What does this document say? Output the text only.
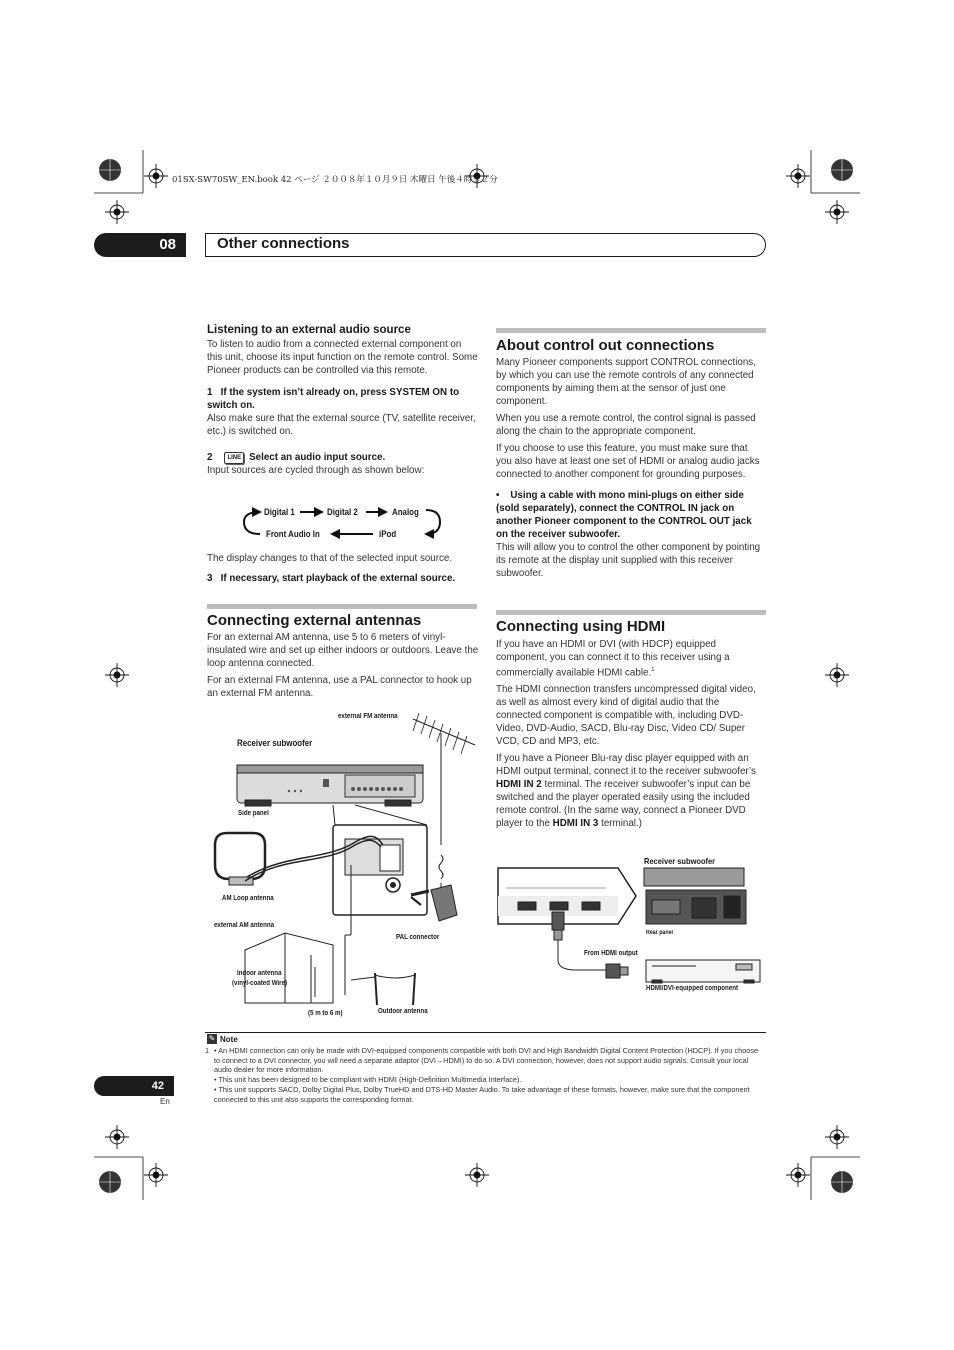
01SX-SW70SW_EN.book 42 ページ ２００８年１０月９日 木曜日 午後４時３２分
08	Other connections
Listening to an external audio source
To listen to audio from a connected external component on this unit, choose its input function on the remote control. Some Pioneer products can be controlled via this remote.
1 If the system isn’t already on, press SYSTEM ON to switch on.
Also make sure that the external source (TV, satellite receiver, etc.) is switched on.
2	LINE Select an audio input source.
Input sources are cycled through as shown below:
Digital 1	Digital 2	Analog
iPod
Front Audio In
The display changes to that of the selected input source.
3 If necessary, start playback of the external source.
Connecting external antennas
For an external AM antenna, use 5 to 6 meters of vinyl-insulated wire and set up either indoors or outdoors. Leave the loop antenna connected.
For an external FM antenna, use a PAL connector to hook up an external FM antenna.
external FM antenna
Receiver subwoofer
Side panel
AM Loop antenna
external AM antenna
PAL connector
Indoor antenna
(vinyl-coated Wire)
(5 m to 6 m)	Outdoor antenna
About control out connections
Many Pioneer components support CONTROL connections, by which you can use the remote controls of any connected components by aiming them at the sensor of just one component.
When you use a remote control, the control signal is passed along the chain to the appropriate component.
If you choose to use this feature, you must make sure that you also have at least one set of HDMI or analog audio jacks connected to another component for grounding purposes.
• Using a cable with mono mini-plugs on either side (sold separately), connect the CONTROL IN jack on another Pioneer component to the CONTROL OUT jack on the receiver subwoofer.
This will allow you to control the other component by pointing its remote at the display unit supplied with this receiver subwoofer.
Connecting using HDMI
If you have an HDMI or DVI (with HDCP) equipped component, you can connect it to this receiver using a commercially available HDMI cable.$^1$
The HDMI connection transfers uncompressed digital video, as well as almost every kind of digital audio that the connected component is compatible with, including DVD-Video, DVD-Audio, SACD, Blu-ray Disc, Video CD/ Super VCD, CD and MP3, etc.
If you have a Pioneer Blu-ray disc player equipped with an HDMI output terminal, connect it to the receiver subwoofer’s HDMI IN 2 terminal. The receiver subwoofer’s input can be switched and the player operated easily using the included remote control. (In the same way, connect a Pioneer DVD player to the HDMI IN 3 terminal.)
Receiver subwoofer
Rear panel
From HDMI output
HDMI/DVI-equipped component
✎ Note
1 • An HDMI connection can only be made with DVI-equipped components compatible with both DVI and High Bandwidth Digital Content Protection (HDCP). If you choose to connect to a DVI connector, you will need a separate adaptor (DVI→HDMI) to do so. A DVI connection, however, does not support audio signals. Consult your local audio dealer for more information.
• This unit has been designed to be compliant with HDMI (High-Definition Multimedia Interface).
• This unit supports SACD, Dolby Digital Plus, Dolby TrueHD and DTS-HD Master Audio. To take advantage of these formats, however, make sure that the component connected to this unit also supports the corresponding format.
42
En
